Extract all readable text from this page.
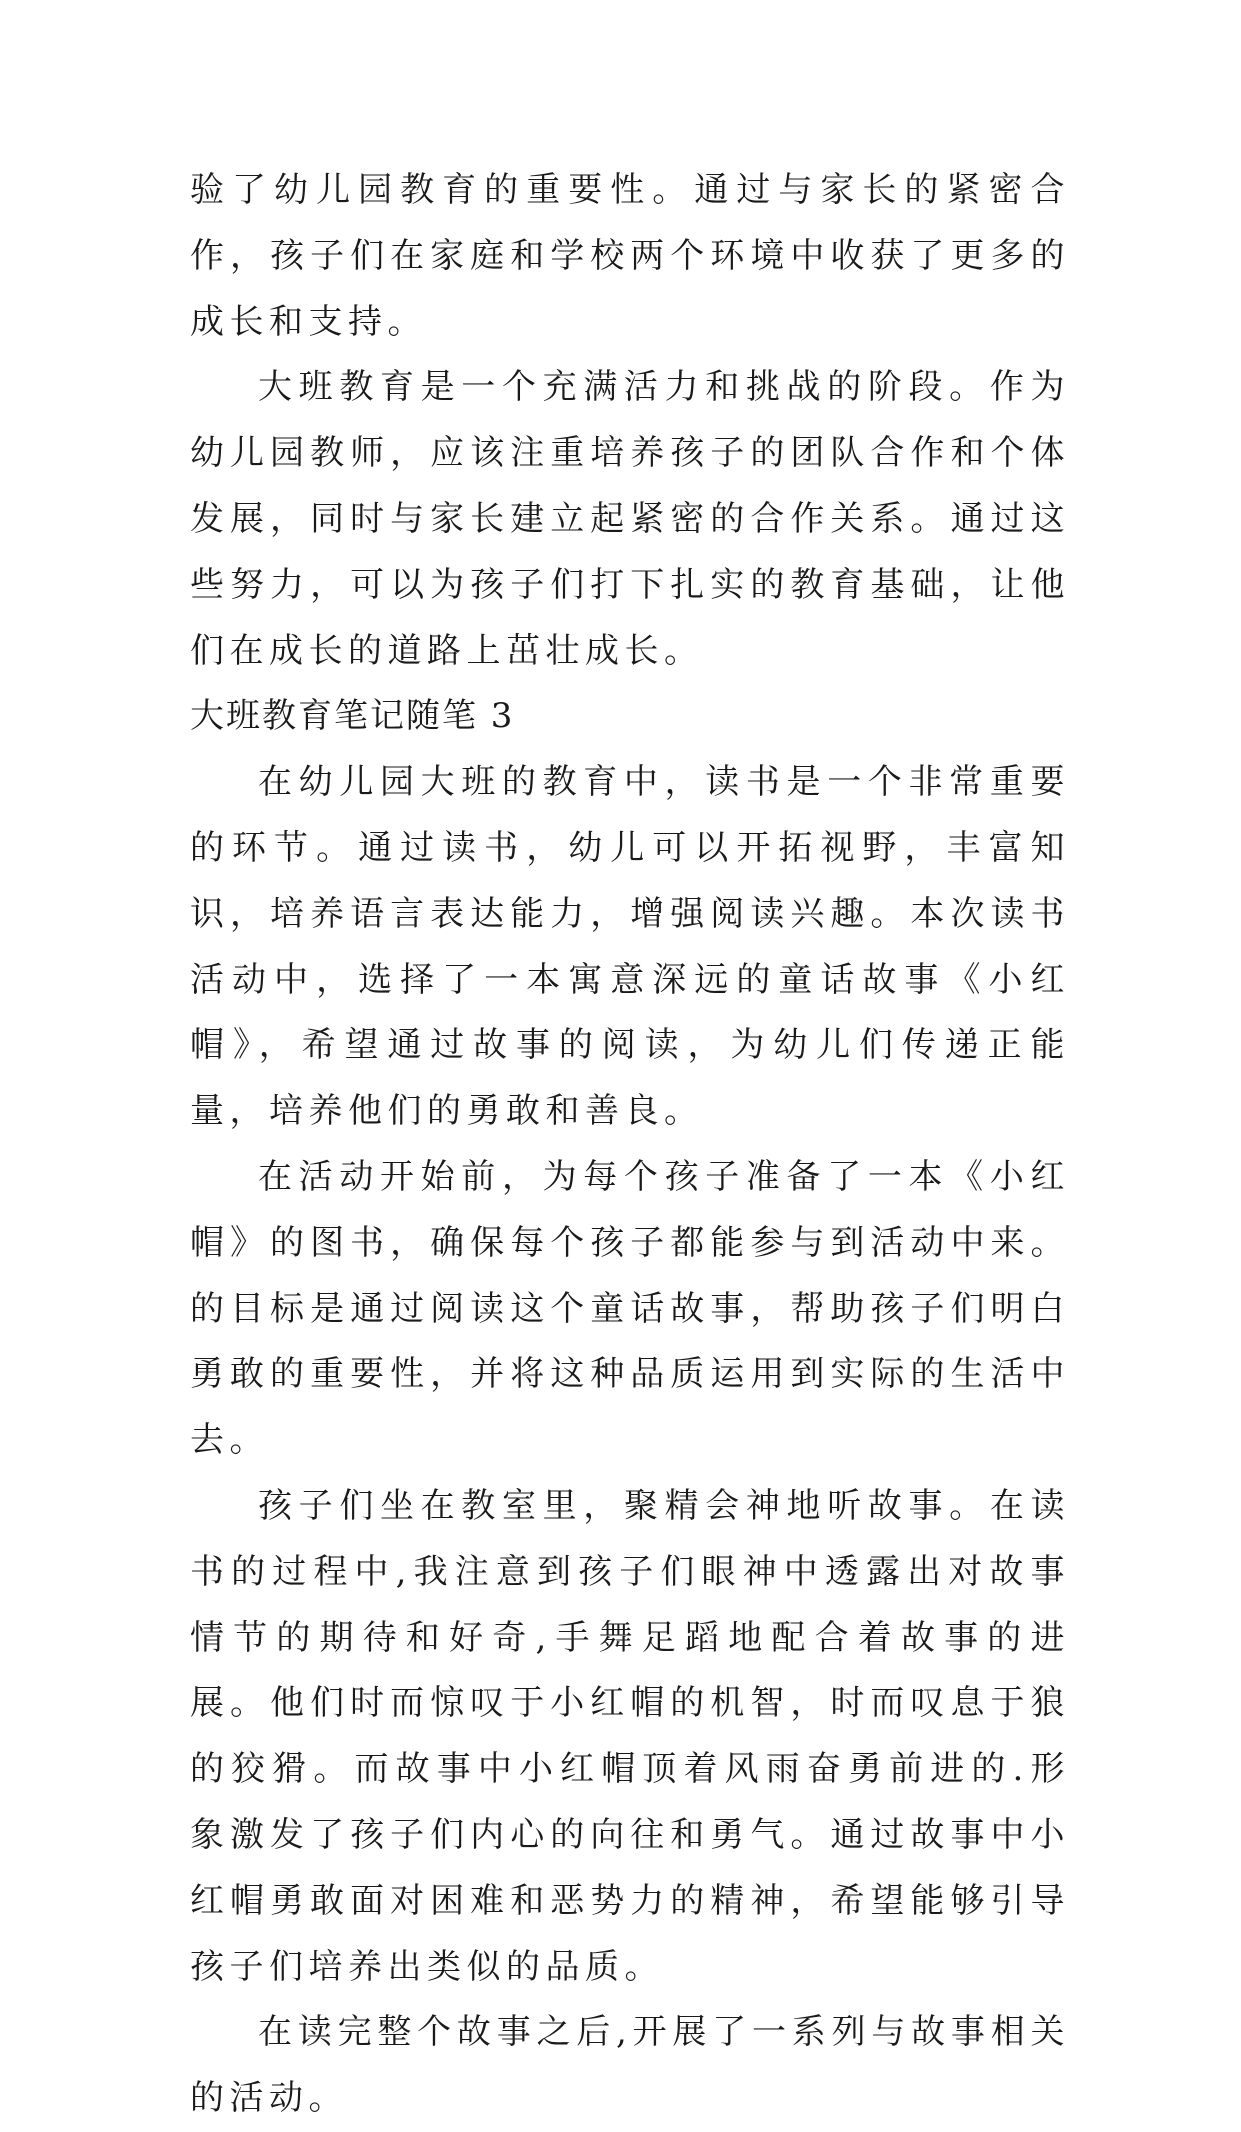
验了幼儿园教育的重要性。通过与家长的紧密合作，孩子们在家庭和学校两个环境中收获了更多的成长和支持。

大班教育是一个充满活力和挑战的阶段。作为幼儿园教师，应该注重培养孩子的团队合作和个体发展，同时与家长建立起紧密的合作关系。通过这些努力，可以为孩子们打下扎实的教育基础，让他们在成长的道路上茁壮成长。

大班教育笔记随笔 3

在幼儿园大班的教育中，读书是一个非常重要的环节。通过读书，幼儿可以开拓视野，丰富知识，培养语言表达能力，增强阅读兴趣。本次读书活动中，选择了一本寓意深远的童话故事《小红帽》，希望通过故事的阅读，为幼儿们传递正能量，培养他们的勇敢和善良。

在活动开始前，为每个孩子准备了一本《小红帽》的图书，确保每个孩子都能参与到活动中来。的目标是通过阅读这个童话故事，帮助孩子们明白勇敢的重要性，并将这种品质运用到实际的生活中去。

孩子们坐在教室里，聚精会神地听故事。在读书的过程中,我注意到孩子们眼神中透露出对故事情节的期待和好奇,手舞足蹈地配合着故事的进展。他们时而惊叹于小红帽的机智，时而叹息于狼的狡猾。而故事中小红帽顶着风雨奋勇前进的.形象激发了孩子们内心的向往和勇气。通过故事中小红帽勇敢面对困难和恶势力的精神，希望能够引导孩子们培养出类似的品质。

在读完整个故事之后,开展了一系列与故事相关的活动。
